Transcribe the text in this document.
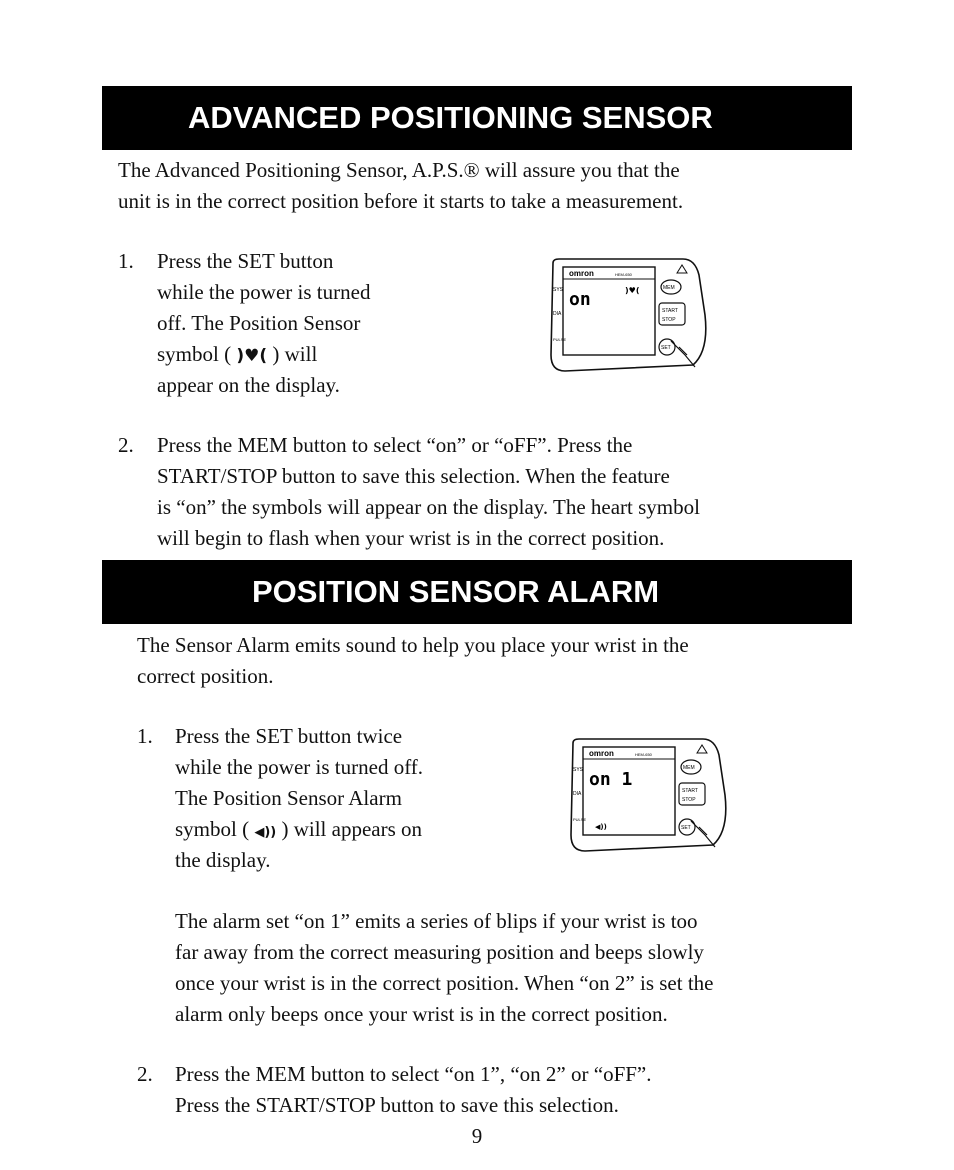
ADVANCED POSITIONING SENSOR
The Advanced Positioning Sensor, A.P.S.® will assure you that the
unit is in the correct position before it starts to take a measurement.
1. Press the SET button
while the power is turned
off. The Position Sensor
symbol ( )♥( ) will
appear on the display.
omron	HEM-650
on	)♥(
SYS
DIA
PULSE
MEM
START
STOP
SET
2. Press the MEM button to select “on” or “oFF”. Press the
START/STOP button to save this selection. When the feature
is “on” the symbols will appear on the display. The heart symbol
will begin to flash when your wrist is in the correct position.
POSITION SENSOR ALARM
The Sensor Alarm emits sound to help you place your wrist in the
correct position.
1. Press the SET button twice
while the power is turned off.
The Position Sensor Alarm
symbol ( ◀)) ) will appears on
the display.
omron	HEM-650
on 1
◀))
SYS
DIA
PULSE
MEM
START
STOP
SET
The alarm set “on 1” emits a series of blips if your wrist is too
far away from the correct measuring position and beeps slowly
once your wrist is in the correct position. When “on 2” is set the
alarm only beeps once your wrist is in the correct position.
2. Press the MEM button to select “on 1”, “on 2” or “oFF”.
Press the START/STOP button to save this selection.
9
